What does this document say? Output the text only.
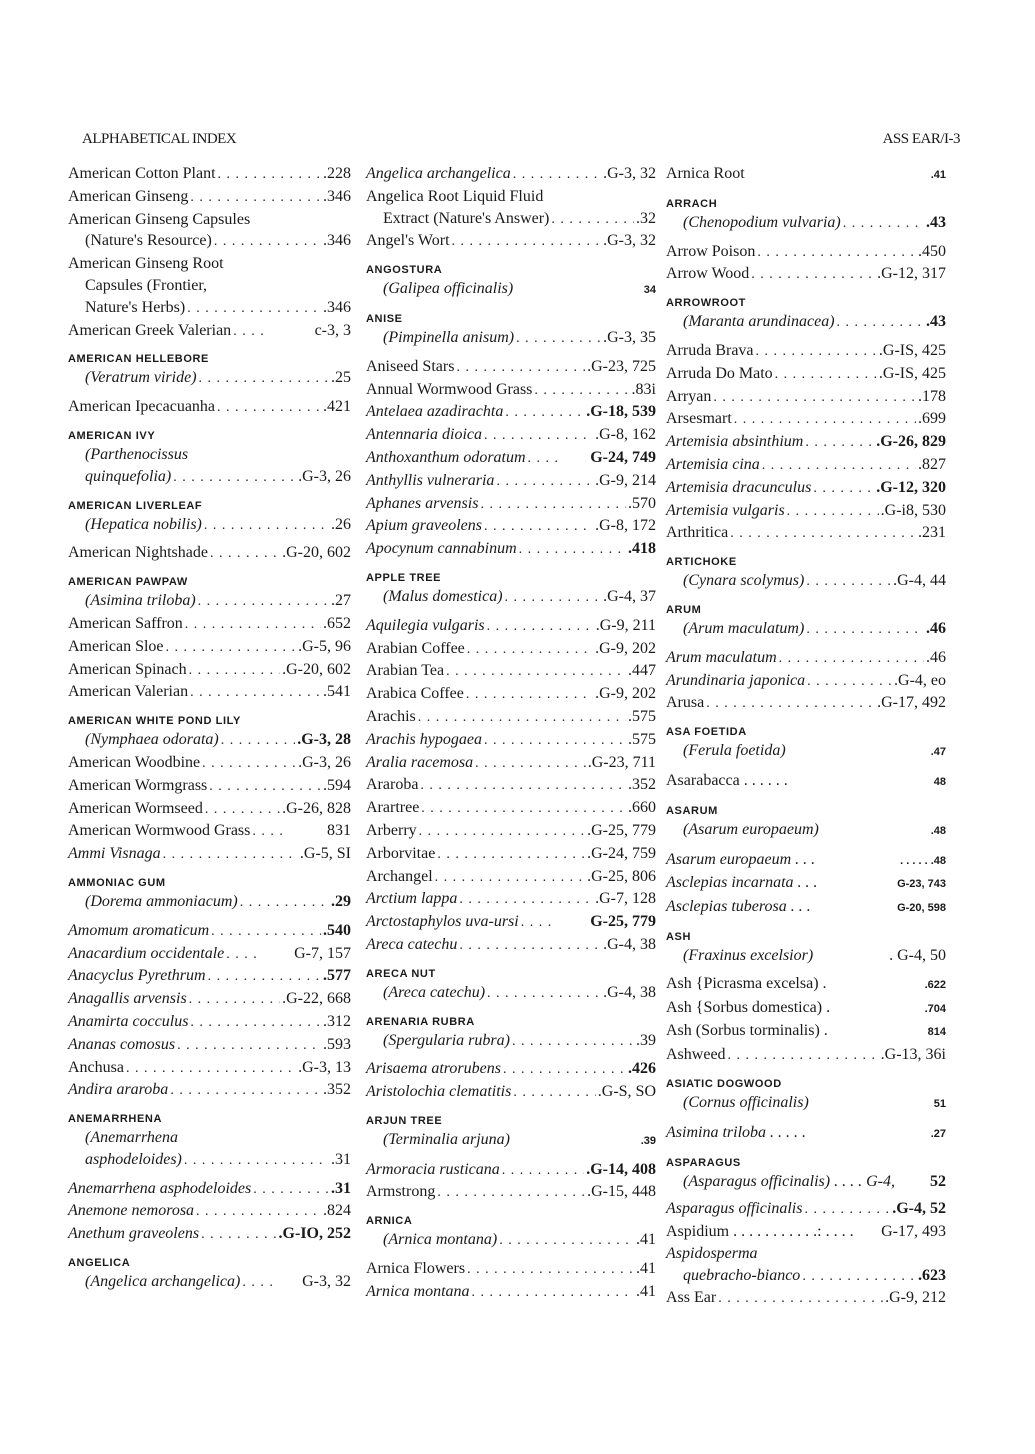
ALPHABETICAL INDEX	ASS EAR/I-3
American Cotton Plant . . .	.228
American Ginseng . . .	.346
American Ginseng Capsules
(Nature's Resource) . . .	.346
American Ginseng Root
Capsules (Frontier,
Nature's Herbs) . . .	.346
American Greek Valerian . . . .	c-3, 3
AMERICAN HELLEBORE
(Veratrum viride) . . .	.25
American Ipecacuanha . . .	.421
AMERICAN IVY
(Parthenocissus
quinquefolia) . . .	.G-3, 26
AMERICAN LIVERLEAF
(Hepatica nobilis) . . .	.26
American Nightshade . . .	.G-20, 602
AMERICAN PAWPAW
(Asimina triloba) . . .	.27
American Saffron . . .	.652
American Sloe . . .	.G-5, 96
American Spinach . . .	.G-20, 602
American Valerian . . .	.541
AMERICAN WHITE POND LILY
(Nymphaea odorata) . . .	.G-3, 28
American Woodbine . . .	.G-3, 26
American Wormgrass . . .	.594
American Wormseed . . .	.G-26, 828
American Wormwood Grass . . . .	831
Ammi Visnaga . . .	.G-5, SI
AMMONIAC GUM
(Dorema ammoniacum) . . .	.29
Amomum aromaticum . . .	.540
Anacardium occidentale . . . .	G-7, 157
Anacyclus Pyrethrum . . .	.577
Anagallis arvensis . . .	.G-22, 668
Anamirta cocculus . . .	.312
Ananas comosus . . .	.593
Anchusa . . .	.G-3, 13
Andira araroba . . .	.352
ANEMARRHENA
(Anemarrhena
asphodeloides) . . .	.31
Anemarrhena asphodeloides . . .	.31
Anemone nemorosa . . .	.824
Anethum graveolens . . .	.G-IO, 252
ANGELICA
(Angelica archangelica) . . . .	G-3, 32
Angelica archangelica . . .	.G-3, 32
Angelica Root Liquid Fluid
Extract (Nature's Answer) . . .	.32
Angel's Wort . . .	.G-3, 32
ANGOSTURA
(Galipea officinalis)	34
ANISE
(Pimpinella anisum) . . .	.G-3, 35
Aniseed Stars . . .	.G-23, 725
Annual Wormwood Grass . . .	.83i
Antelaea azadirachta . . .	.G-18, 539
Antennaria dioica . . .	.G-8, 162
Anthoxanthum odoratum . . . .	G-24, 749
Anthyllis vulneraria . . .	.G-9, 214
Aphanes arvensis . . .	.570
Apium graveolens . . .	.G-8, 172
Apocynum cannabinum . . .	.418
APPLE TREE
(Malus domestica) . . .	.G-4, 37
Aquilegia vulgaris . . .	.G-9, 211
Arabian Coffee . . .	.G-9, 202
Arabian Tea . . .	.447
Arabica Coffee . . .	.G-9, 202
Arachis . . .	.575
Arachis hypogaea . . .	.575
Aralia racemosa . . .	.G-23, 711
Araroba . . .	.352
Arartree . . .	.660
Arberry . . .	.G-25, 779
Arborvitae . . .	.G-24, 759
Archangel . . .	.G-25, 806
Arctium lappa . . .	.G-7, 128
Arctostaphylos uva-ursi . . . .	G-25, 779
Areca catechu . . .	.G-4, 38
ARECA NUT
(Areca catechu) . . .	.G-4, 38
ARENARIA RUBRA
(Spergularia rubra) . . .	.39
Arisaema atrorubens . . .	.426
Aristolochia clematitis . . .	.G-S, SO
ARJUN TREE
(Terminalia arjuna)	.39
Armoracia rusticana . . .	.G-14, 408
Armstrong . . .	.G-15, 448
ARNICA
(Arnica montana) . . .	.41
Arnica Flowers . . .	.41
Arnica montana . . .	.41
Arnica Root	.41
ARRACH
(Chenopodium vulvaria) . . .	.43
Arrow Poison . . .	.450
Arrow Wood . . .	.G-12, 317
ARROWROOT
(Maranta arundinacea) . . .	.43
Arruda Brava . . .	.G-IS, 425
Arruda Do Mato . . .	.G-IS, 425
Arryan . . .	.178
Arsesmart . . .	.699
Artemisia absinthium . . .	.G-26, 829
Artemisia cina . . .	.827
Artemisia dracunculus . . .	.G-12, 320
Artemisia vulgaris . . .	.G-i8, 530
Arthritica . . .	.231
ARTICHOKE
(Cynara scolymus) . . .	.G-4, 44
ARUM
(Arum maculatum) . . .	.46
Arum maculatum . . .	.46
Arundinaria japonica . . .	.G-4, eo
Arusa . . .	.G-17, 492
ASA FOETIDA
(Ferula foetida)	.47
Asarabacca . . . . . .	48
ASARUM
(Asarum europaeum)	.48
Asarum europaeum . . .	. . . . . .48
Asclepias incarnata . . .	G-23, 743
Asclepias tuberosa . . .	G-20, 598
ASH
(Fraxinus excelsior)	. G-4, 50
Ash {Picrasma excelsa) .	.622
Ash {Sorbus domestica) .	.704
Ash (Sorbus torminalis) .	814
Ashweed . . .	.G-13, 36i
ASIATIC DOGWOOD
(Cornus officinalis)	51
Asimina triloba . . . . .	.27
ASPARAGUS
(Asparagus officinalis) . . . . G-4, 52
Asparagus officinalis . . .	.G-4, 52
Aspidium . . . . . . . . . . .: . . . . G-17, 493
Aspidosperma
quebracho-bianco . . .	.623
Ass Ear . . .	.G-9, 212
